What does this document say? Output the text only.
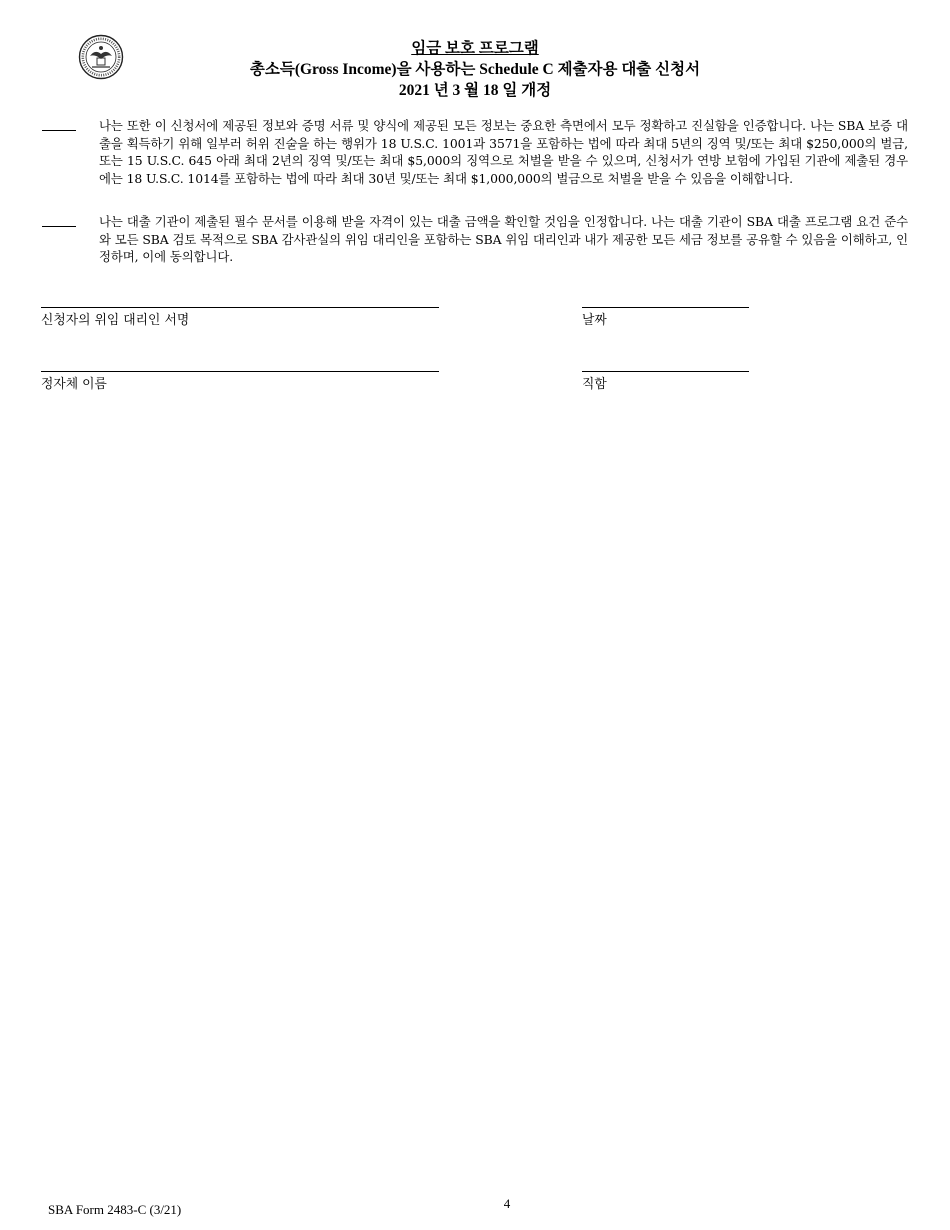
임금 보호 프로그램
총소득(Gross Income)을 사용하는 Schedule C 제출자용 대출 신청서
2021 년 3 월 18 일 개정
나는 또한 이 신청서에 제공된 정보와 증명 서류 및 양식에 제공된 모든 정보는 중요한 측면에서 모두 정확하고 진실함을 인증합니다. 나는 SBA 보증 대출을 획득하기 위해 일부러 허위 진술을 하는 행위가 18 U.S.C. 1001과 3571을 포함하는 법에 따라 최대 5년의 징역 및/또는 최대 $250,000의 벌금, 또는 15 U.S.C. 645 아래 최대 2년의 징역 및/또는 최대 $5,000의 징역으로 처벌을 받을 수 있으며, 신청서가 연방 보험에 가입된 기관에 제출된 경우에는 18 U.S.C. 1014를 포함하는 법에 따라 최대 30년 및/또는 최대 $1,000,000의 벌금으로 처벌을 받을 수 있음을 이해합니다.
나는 대출 기관이 제출된 필수 문서를 이용해 받을 자격이 있는 대출 금액을 확인할 것임을 인정합니다. 나는 대출 기관이 SBA 대출 프로그램 요건 준수와 모든 SBA 검토 목적으로 SBA 감사관실의 위임 대리인을 포함하는 SBA 위임 대리인과 내가 제공한 모든 세금 정보를 공유할 수 있음을 이해하고, 인정하며, 이에 동의합니다.
신청자의 위임 대리인 서명	날짜
정자체 이름	직함
SBA Form 2483-C (3/21)	4
